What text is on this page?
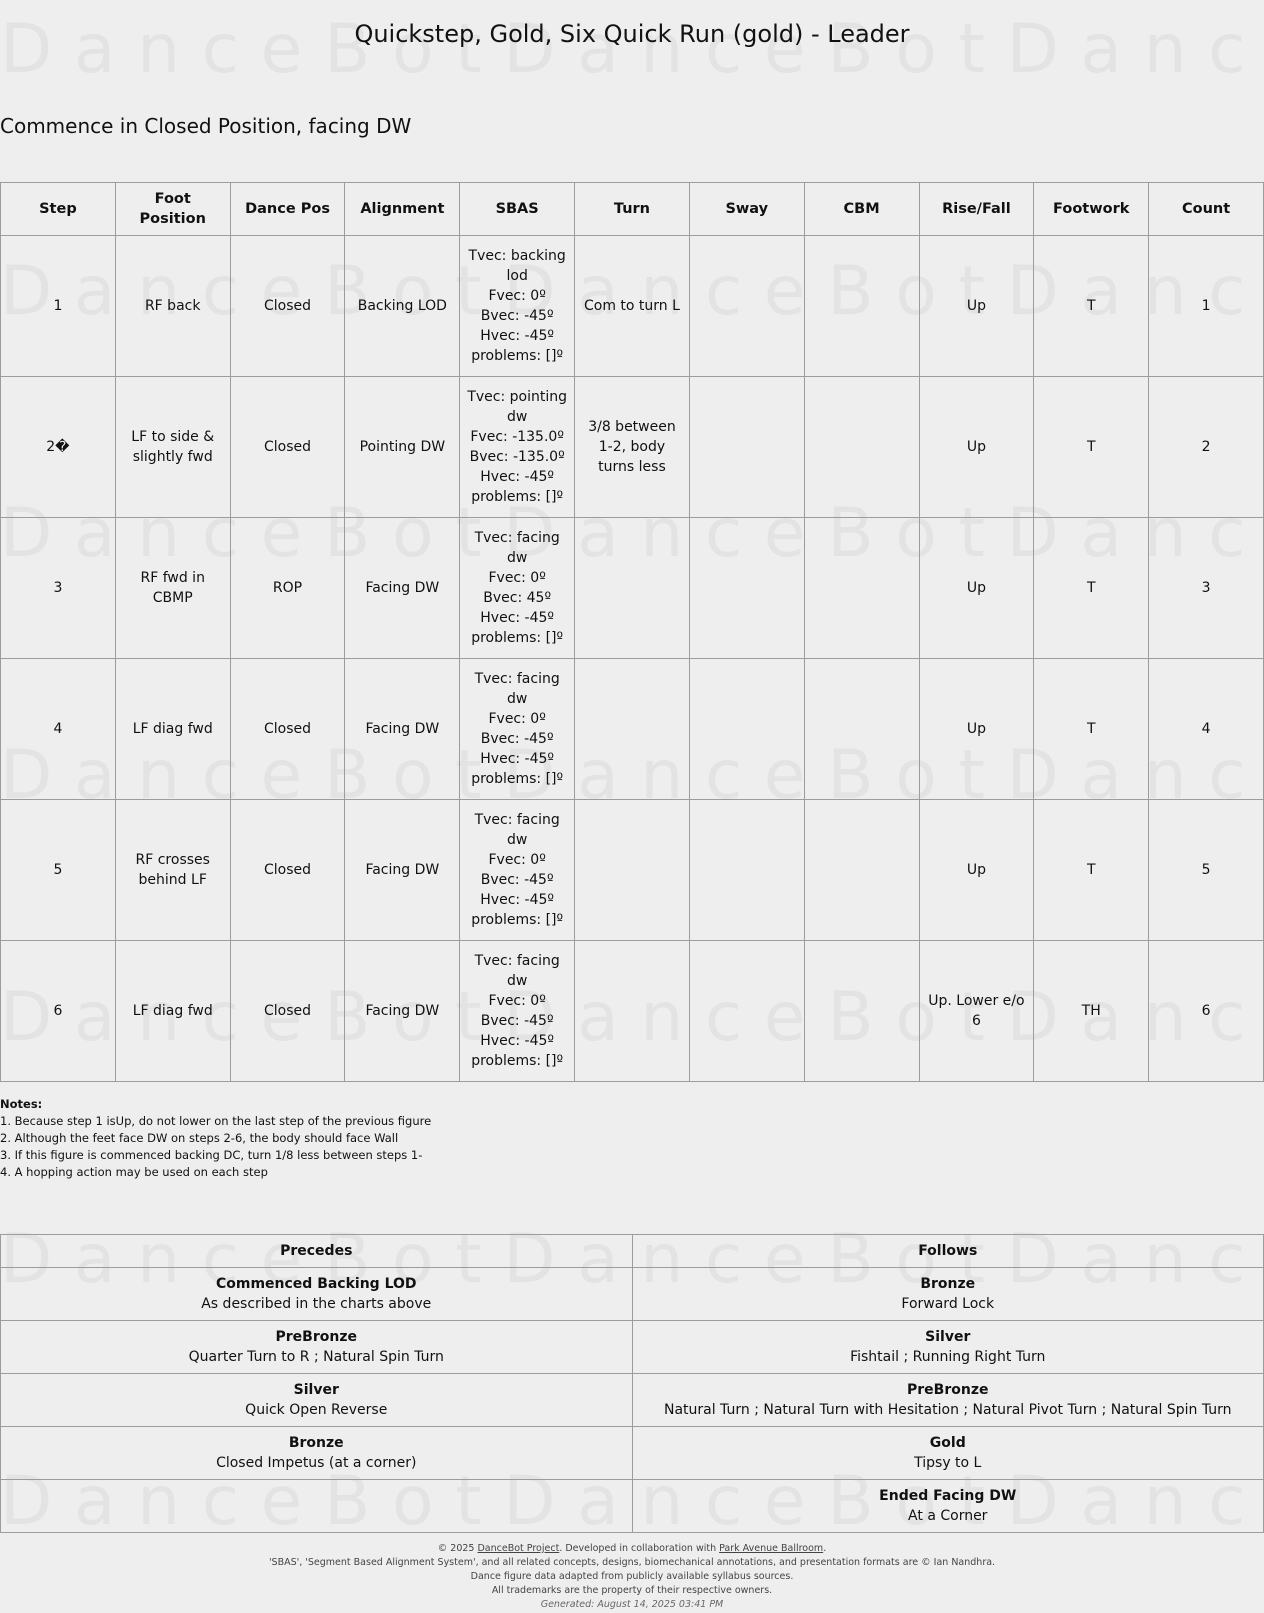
Quickstep, Gold, Six Quick Run (gold) - Leader
Commence in Closed Position, facing DW
Step	Foot Position	Dance Pos	Alignment	SBAS	Turn	Sway	CBM	Rise/Fall	Footwork	Count
1	RF back	Closed	Backing LOD	Tvec: backing lod
Fvec: 0º
Bvec: -45º
Hvec: -45º
problems: []º	Com to turn L			Up	T	1
2�	LF to side & slightly fwd	Closed	Pointing DW	Tvec: pointing dw
Fvec: -135.0º
Bvec: -135.0º
Hvec: -45º
problems: []º	3/8 between 1-2, body turns less			Up	T	2
3	RF fwd in CBMP	ROP	Facing DW	Tvec: facing dw
Fvec: 0º
Bvec: 45º
Hvec: -45º
problems: []º				Up	T	3
4	LF diag fwd	Closed	Facing DW	Tvec: facing dw
Fvec: 0º
Bvec: -45º
Hvec: -45º
problems: []º				Up	T	4
5	RF crosses behind LF	Closed	Facing DW	Tvec: facing dw
Fvec: 0º
Bvec: -45º
Hvec: -45º
problems: []º				Up	T	5
6	LF diag fwd	Closed	Facing DW	Tvec: facing dw
Fvec: 0º
Bvec: -45º
Hvec: -45º
problems: []º				Up. Lower e/o 6	TH	6
Notes:
1. Because step 1 isUp, do not lower on the last step of the previous figure
2. Although the feet face DW on steps 2-6, the body should face Wall
3. If this figure is commenced backing DC, turn 1/8 less between steps 1-
4. A hopping action may be used on each step
Precedes	Follows

Commenced Backing LOD
As described in the charts above	Bronze
Forward Lock

PreBronze
Quarter Turn to R ; Natural Spin Turn	Silver
Fishtail ; Running Right Turn

Silver
Quick Open Reverse	PreBronze
Natural Turn ; Natural Turn with Hesitation ; Natural Pivot Turn ; Natural Spin Turn

Bronze
Closed Impetus (at a corner)	Gold
Tipsy to L

	Ended Facing DW
At a Corner
© 2025 DanceBot Project. Developed in collaboration with Park Avenue Ballroom.
'SBAS', 'Segment Based Alignment System', and all related concepts, designs, biomechanical annotations, and presentation formats are © Ian Nandhra.
Dance figure data adapted from publicly available syllabus sources.
All trademarks are the property of their respective owners.
Generated: August 14, 2025 03:41 PM
